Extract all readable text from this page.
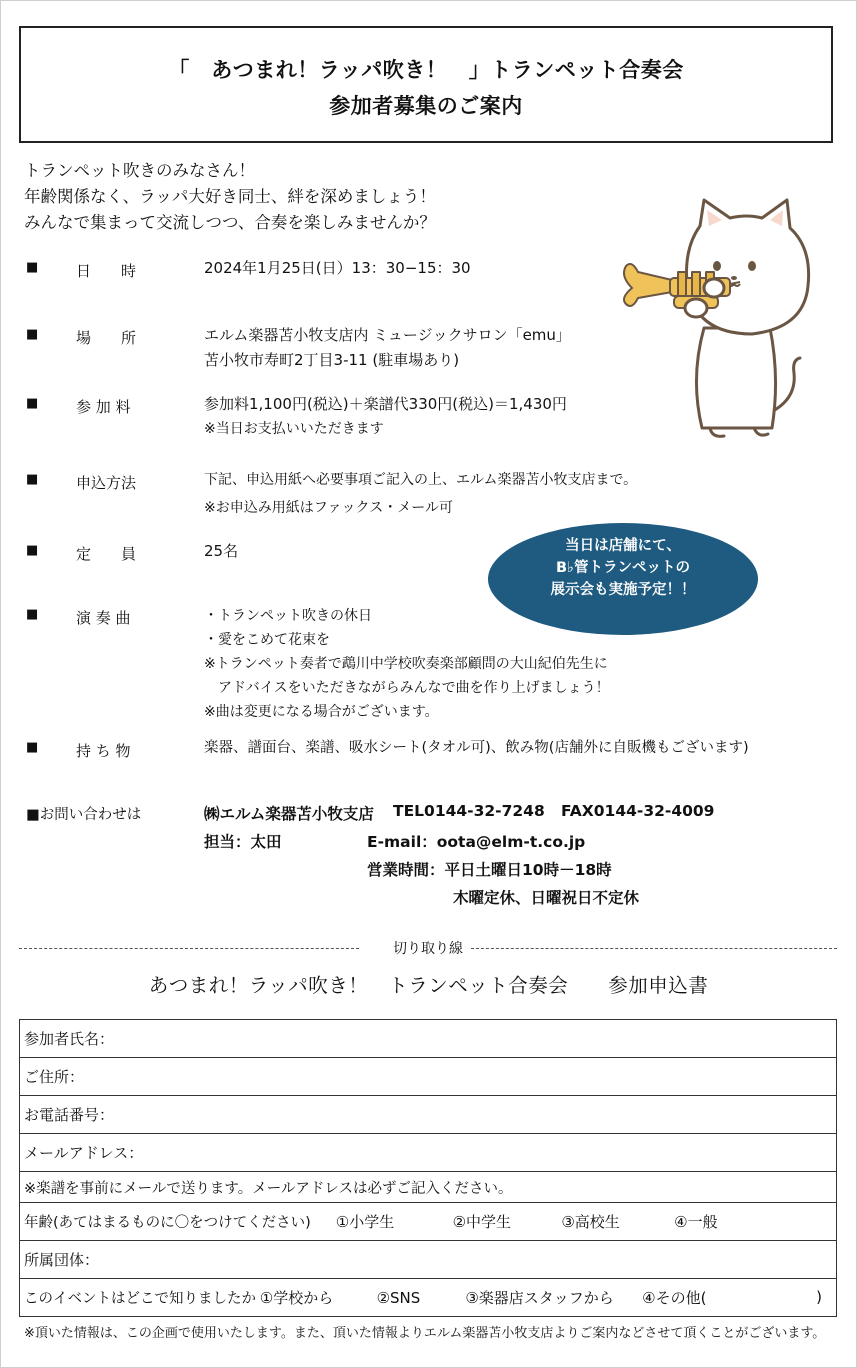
「　あつまれ！ラッパ吹き！　」トランペット合奏会
参加者募集のご案内
トランペット吹きのみなさん！
年齢関係なく、ラッパ大好き同士、絆を深めましょう！
みんなで集まって交流しつつ、合奏を楽しみませんか？
■	日　　時	2024年1月25日(日）13：30−15：30
■	場　　所	エルム楽器苫小牧支店内 ミュージックサロン「emu」
苫小牧市寿町2丁目3-11 (駐車場あり)
■	参 加 料	参加料1,100円(税込)＋楽譜代330円(税込)＝1,430円
※当日お支払いいただきます
■	申込方法	下記、申込用紙へ必要事項ご記入の上、エルム楽器苫小牧支店まで。
※お申込み用紙はファックス・メール可
■	定　　員	25名	当日は店舗にて、
B♭管トランペットの
展示会も実施予定！！
■	演 奏 曲	・トランペット吹きの休日
・愛をこめて花束を
※トランペット奏者で鵡川中学校吹奏楽部顧問の大山紀伯先生に
　アドバイスをいただきながらみんなで曲を作り上げましょう！
※曲は変更になる場合がございます。
■	持 ち 物	楽器、譜面台、楽譜、吸水シート(タオル可)、飲み物(店舗外に自販機もございます)
■お問い合わせは	㈱エルム楽器苫小牧支店 TEL0144-32-7248 FAX0144-32-4009
担当：太田	E-mail：oota@elm-t.co.jp
営業時間：平日土曜日10時－18時
木曜定休、日曜祝日不定休
切り取り線
あつまれ！ラッパ吹き！　トランペット合奏会　　参加申込書
参加者氏名：
ご住所：
お電話番号：
メールアドレス：
※楽譜を事前にメールで送ります。メールアドレスは必ずご記入ください。
年齢(あてはまるものに〇をつけてください) ①小学生	②中学生	③高校生	④一般
所属団体：
このイベントはどこで知りましたか ①学校から	②SNS	③楽器店スタッフから ④その他(	)
※頂いた情報は、この企画で使用いたします。また、頂いた情報よりエルム楽器苫小牧支店よりご案内などさせて頂くことがございます。
